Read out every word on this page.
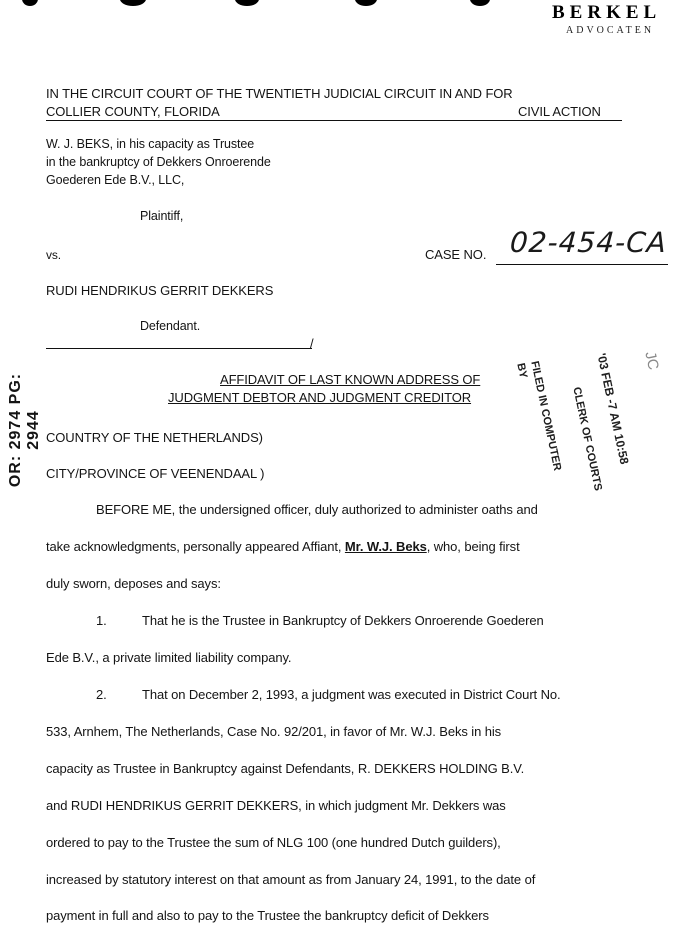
BERKEL
ADVOCATEN
OR: 2974 PG: 2944
IN THE CIRCUIT COURT OF THE TWENTIETH JUDICIAL CIRCUIT IN AND FOR
COLLIER COUNTY, FLORIDA	CIVIL ACTION
W. J. BEKS, in his capacity as Trustee
in the bankruptcy of Dekkers Onroerende
Goederen Ede B.V., LLC,
Plaintiff,
vs.	CASE NO. 02-454-CA
RUDI HENDRIKUS GERRIT DEKKERS
Defendant.
/
AFFIDAVIT OF LAST KNOWN ADDRESS OF
JUDGMENT DEBTOR AND JUDGMENT CREDITOR
COUNTRY OF THE NETHERLANDS)
CITY/PROVINCE OF VEENENDAAL )
FILED IN COMPUTER
BY	'03 FEB -7 AM 10:58
CLERK OF COURTS
JC
BEFORE ME, the undersigned officer, duly authorized to administer oaths and
take acknowledgments, personally appeared Affiant, Mr. W.J. Beks, who, being first
duly sworn, deposes and says:
1.	That he is the Trustee in Bankruptcy of Dekkers Onroerende Goederen
Ede B.V., a private limited liability company.
2.	That on December 2, 1993, a judgment was executed in District Court No.
533, Arnhem, The Netherlands, Case No. 92/201, in favor of Mr. W.J. Beks in his
capacity as Trustee in Bankruptcy against Defendants, R. DEKKERS HOLDING B.V.
and RUDI HENDRIKUS GERRIT DEKKERS, in which judgment Mr. Dekkers was
ordered to pay to the Trustee the sum of NLG 100 (one hundred Dutch guilders),
increased by statutory interest on that amount as from January 24, 1991, to the date of
payment in full and also to pay to the Trustee the bankruptcy deficit of Dekkers
